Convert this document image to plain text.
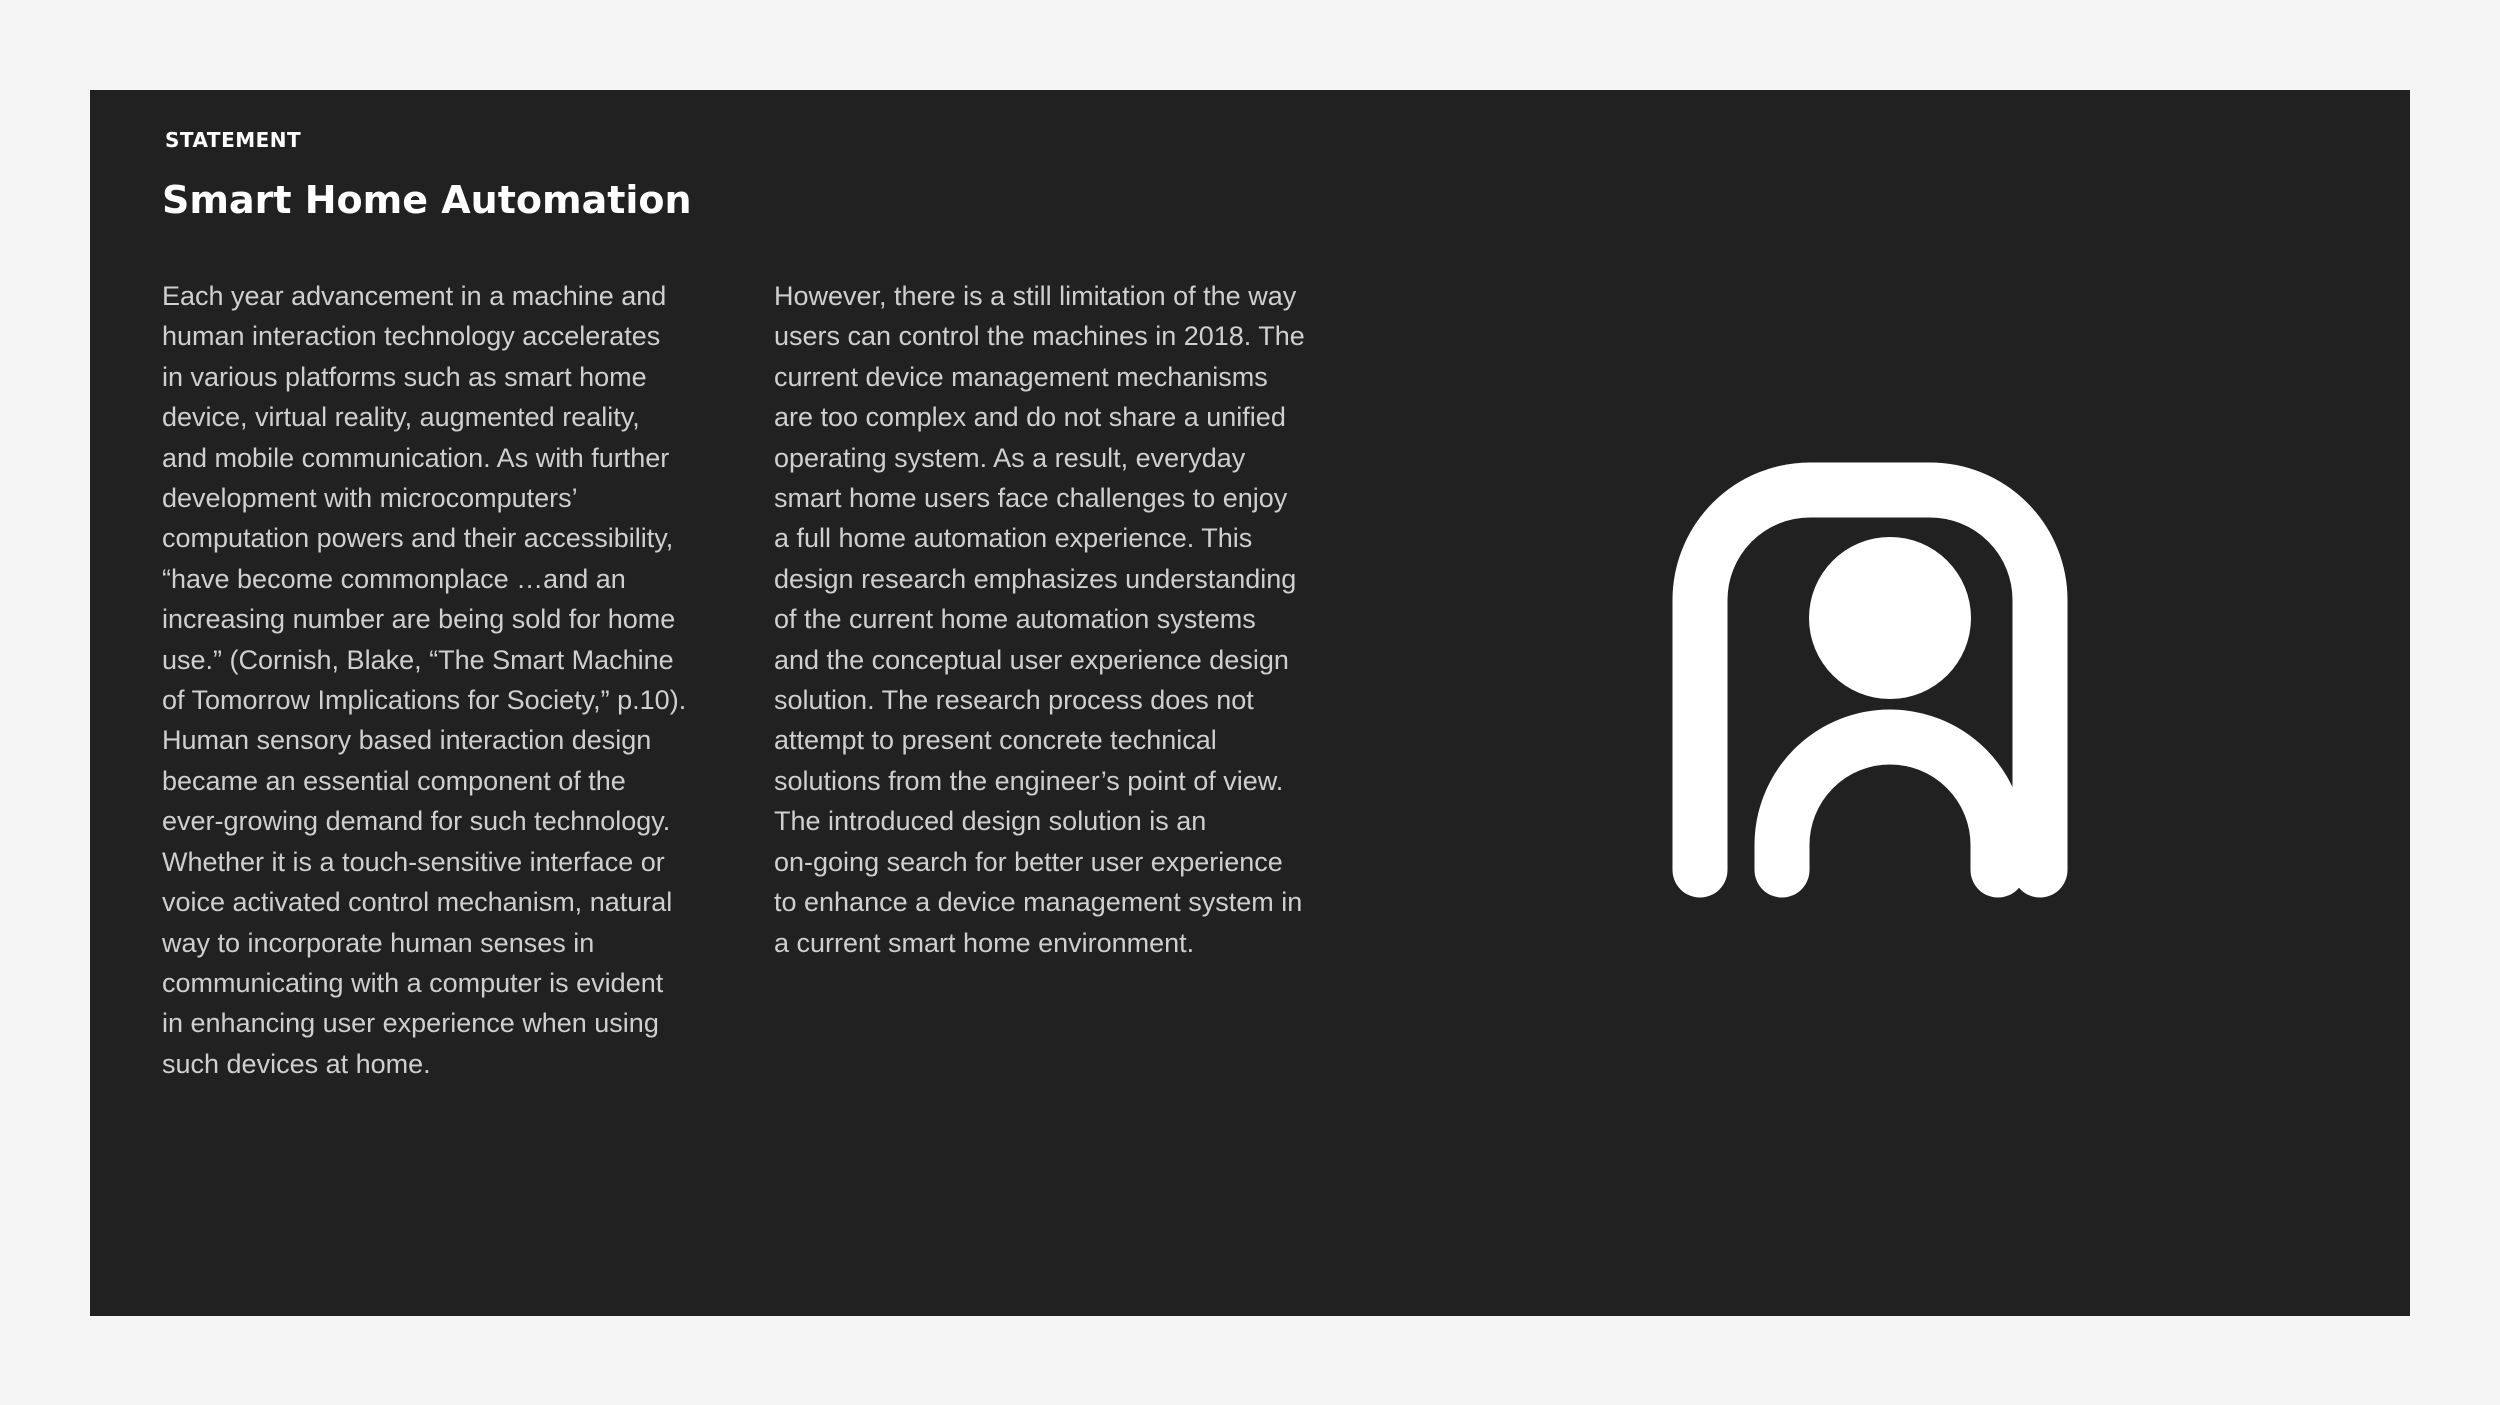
STATEMENT

Smart Home Automation

Each year advancement in a machine and
human interaction technology accelerates
in various platforms such as smart home
device, virtual reality, augmented reality,
and mobile communication. As with further
development with microcomputers’
computation powers and their accessibility,
“have become commonplace …and an
increasing number are being sold for home
use.” (Cornish, Blake, “The Smart Machine
of Tomorrow Implications for Society,” p.10).
Human sensory based interaction design
became an essential component of the
ever-growing demand for such technology.
Whether it is a touch-sensitive interface or
voice activated control mechanism, natural
way to incorporate human senses in
communicating with a computer is evident
in enhancing user experience when using
such devices at home.

However, there is a still limitation of the way
users can control the machines in 2018. The
current device management mechanisms
are too complex and do not share a unified
operating system. As a result, everyday
smart home users face challenges to enjoy
a full home automation experience. This
design research emphasizes understanding
of the current home automation systems
and the conceptual user experience design
solution. The research process does not
attempt to present concrete technical
solutions from the engineer’s point of view.
The introduced design solution is an
on-going search for better user experience
to enhance a device management system in
a current smart home environment.
